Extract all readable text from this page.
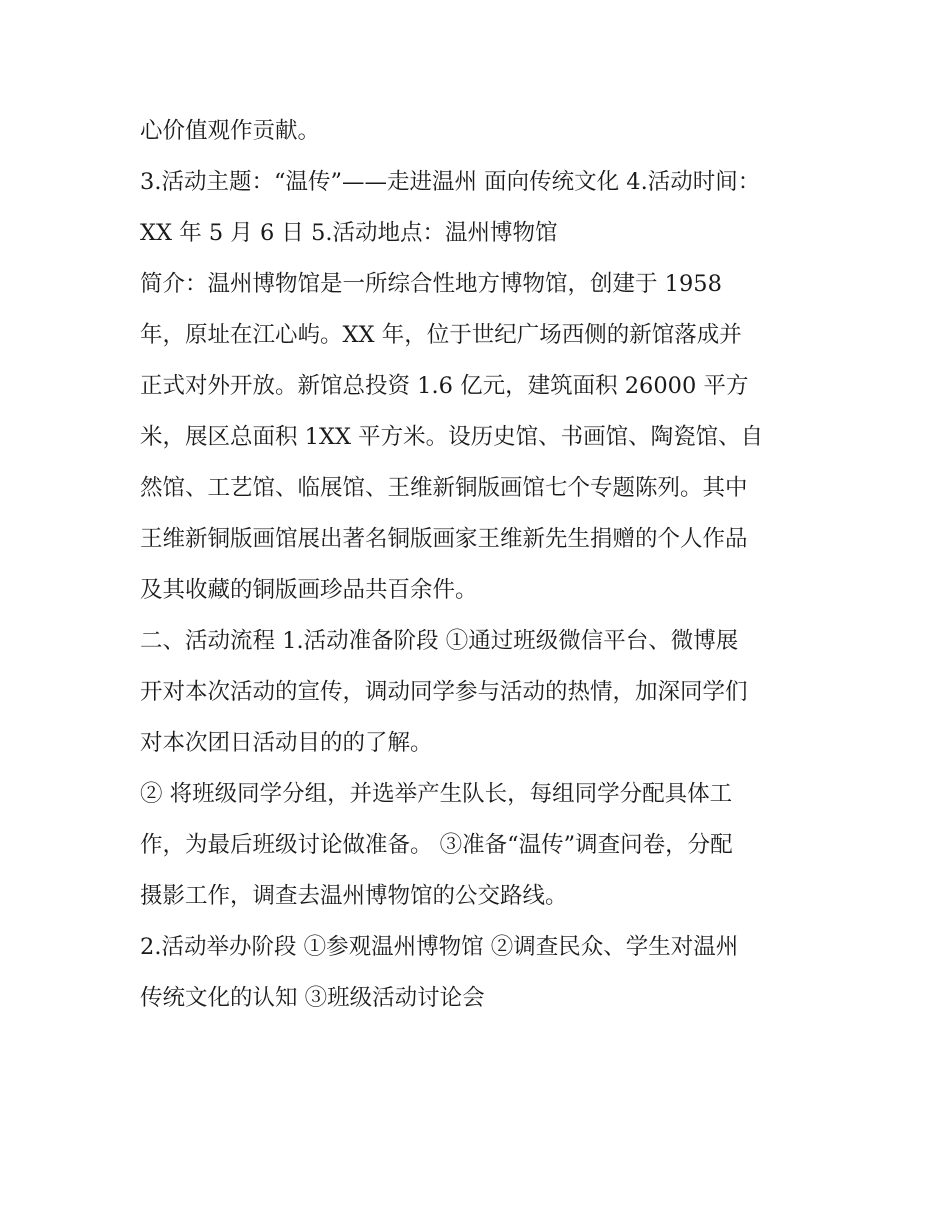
心价值观作贡献。
3.活动主题：“温传”——走进温州 面向传统文化 4.活动时间：
XX 年 5 月 6 日 5.活动地点：温州博物馆
简介：温州博物馆是一所综合性地方博物馆，创建于 1958
年，原址在江心屿。XX 年，位于世纪广场西侧的新馆落成并
正式对外开放。新馆总投资 1.6 亿元，建筑面积 26000 平方
米，展区总面积 1XX 平方米。设历史馆、书画馆、陶瓷馆、自
然馆、工艺馆、临展馆、王维新铜版画馆七个专题陈列。其中
王维新铜版画馆展出著名铜版画家王维新先生捐赠的个人作品
及其收藏的铜版画珍品共百余件。
二、活动流程 1.活动准备阶段 ①通过班级微信平台、微博展
开对本次活动的宣传，调动同学参与活动的热情，加深同学们
对本次团日活动目的的了解。
② 将班级同学分组，并选举产生队长，每组同学分配具体工
作，为最后班级讨论做准备。 ③准备“温传”调查问卷，分配
摄影工作，调查去温州博物馆的公交路线。
2.活动举办阶段 ①参观温州博物馆 ②调查民众、学生对温州
传统文化的认知 ③班级活动讨论会
